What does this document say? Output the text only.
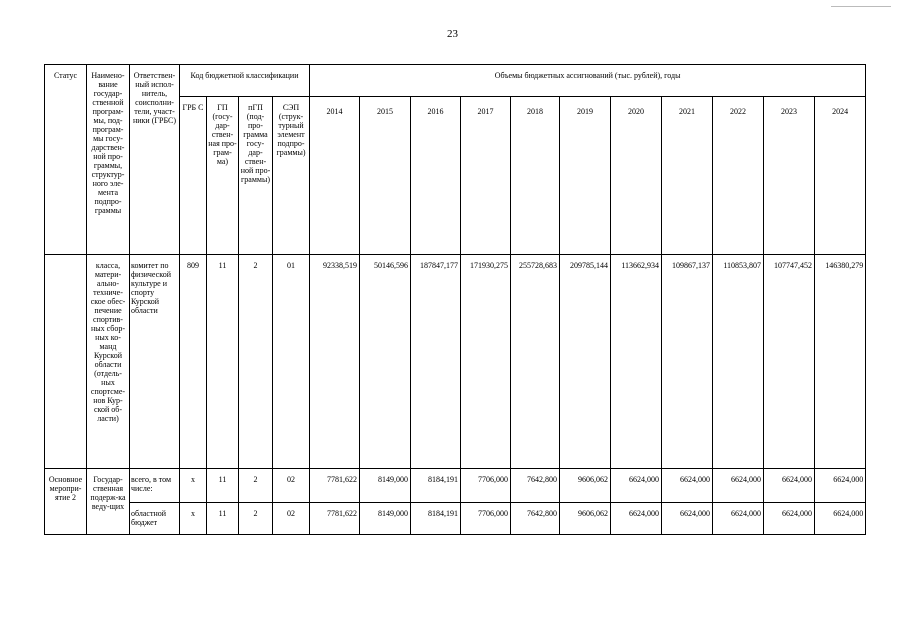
23
Статус	Наимено-вание государ-ственной програм-мы, под-програм-мы госу-дарствен-ной про-граммы, структур-ного эле-мента подпро-граммы	Ответствен-ный испол-нитель, соисполни-тели, участ-ники (ГРБС)	Код бюджетной классификации				Объемы бюджетных ассигнований (тыс. рублей), годы										
			ГРБ С	ГП (госу-дар-ствен-ная про-грам-ма)	пГП (под-про-грамма госу-дар-ствен-ной про-граммы)	СЭП (струк-турный элемент подпро-граммы)	2014	2015	2016	2017	2018	2019	2020	2021	2022	2023	2024
	класса, матери-ально-техниче-ское обес-печение спортив-ных сбор-ных ко-манд Курской области (отдель-ных спортсме-нов Кур-ской об-ласти)	комитет по физической культуре и спорту Курской области	809	11	2	01	92338,519	50146,596	187847,177	171930,275	255728,683	209785,144	113662,934	109867,137	110853,807	107747,452	146380,279
Основное меропри-ятие 2	Государ-ственная подерж-ка веду-щих	всего, в том числе:	х	11	2	02	7781,622	8149,000	8184,191	7706,000	7642,800	9606,062	6624,000	6624,000	6624,000	6624,000	6624,000
		областной бюджет	х	11	2	02	7781,622	8149,000	8184,191	7706,000	7642,800	9606,062	6624,000	6624,000	6624,000	6624,000	6624,000
